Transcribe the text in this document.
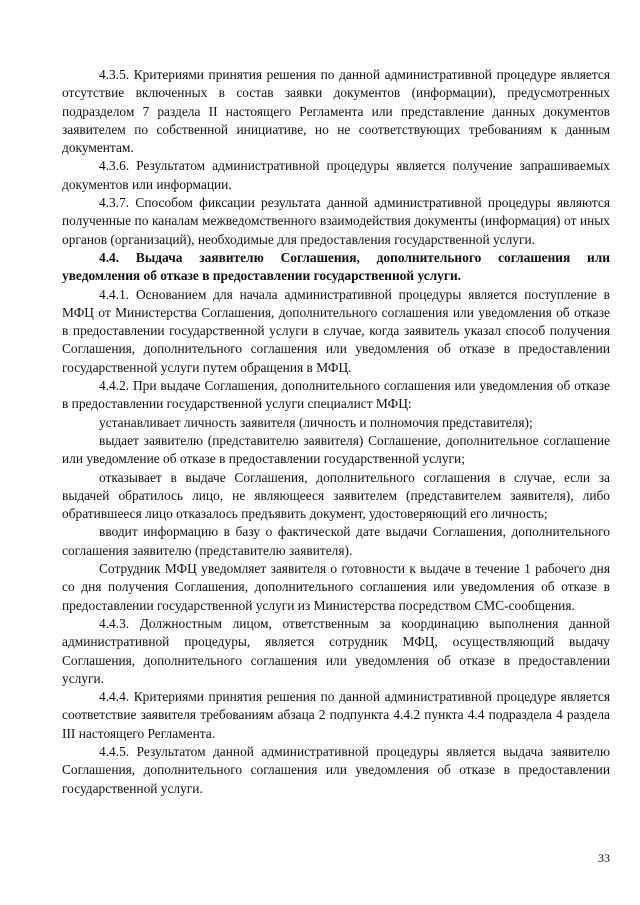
4.3.5. Критериями принятия решения по данной административной процедуре является отсутствие включенных в состав заявки документов (информации), предусмотренных подразделом 7 раздела II настоящего Регламента или представление данных документов заявителем по собственной инициативе, но не соответствующих требованиям к данным документам.

4.3.6. Результатом административной процедуры является получение запрашиваемых документов или информации.

4.3.7. Способом фиксации результата данной административной процедуры являются полученные по каналам межведомственного взаимодействия документы (информация) от иных органов (организаций), необходимые для предоставления государственной услуги.

4.4. Выдача заявителю Соглашения, дополнительного соглашения или уведомления об отказе в предоставлении государственной услуги.

4.4.1. Основанием для начала административной процедуры является поступление в МФЦ от Министерства Соглашения, дополнительного соглашения или уведомления об отказе в предоставлении государственной услуги в случае, когда заявитель указал способ получения Соглашения, дополнительного соглашения или уведомления об отказе в предоставлении государственной услуги путем обращения в МФЦ.

4.4.2. При выдаче Соглашения, дополнительного соглашения или уведомления об отказе в предоставлении государственной услуги специалист МФЦ:

устанавливает личность заявителя (личность и полномочия представителя);

выдает заявителю (представителю заявителя) Соглашение, дополнительное соглашение или уведомление об отказе в предоставлении государственной услуги;

отказывает в выдаче Соглашения, дополнительного соглашения в случае, если за выдачей обратилось лицо, не являющееся заявителем (представителем заявителя), либо обратившееся лицо отказалось предъявить документ, удостоверяющий его личность;

вводит информацию в базу о фактической дате выдачи Соглашения, дополнительного соглашения заявителю (представителю заявителя).

Сотрудник МФЦ уведомляет заявителя о готовности к выдаче в течение 1 рабочего дня со дня получения Соглашения, дополнительного соглашения или уведомления об отказе в предоставлении государственной услуги из Министерства посредством СМС-сообщения.

4.4.3. Должностным лицом, ответственным за координацию выполнения данной административной процедуры, является сотрудник МФЦ, осуществляющий выдачу Соглашения, дополнительного соглашения или уведомления об отказе в предоставлении услуги.

4.4.4. Критериями принятия решения по данной административной процедуре является соответствие заявителя требованиям абзаца 2 подпункта 4.4.2 пункта 4.4 подраздела 4 раздела III настоящего Регламента.

4.4.5. Результатом данной административной процедуры является выдача заявителю Соглашения, дополнительного соглашения или уведомления об отказе в предоставлении государственной услуги.

33
